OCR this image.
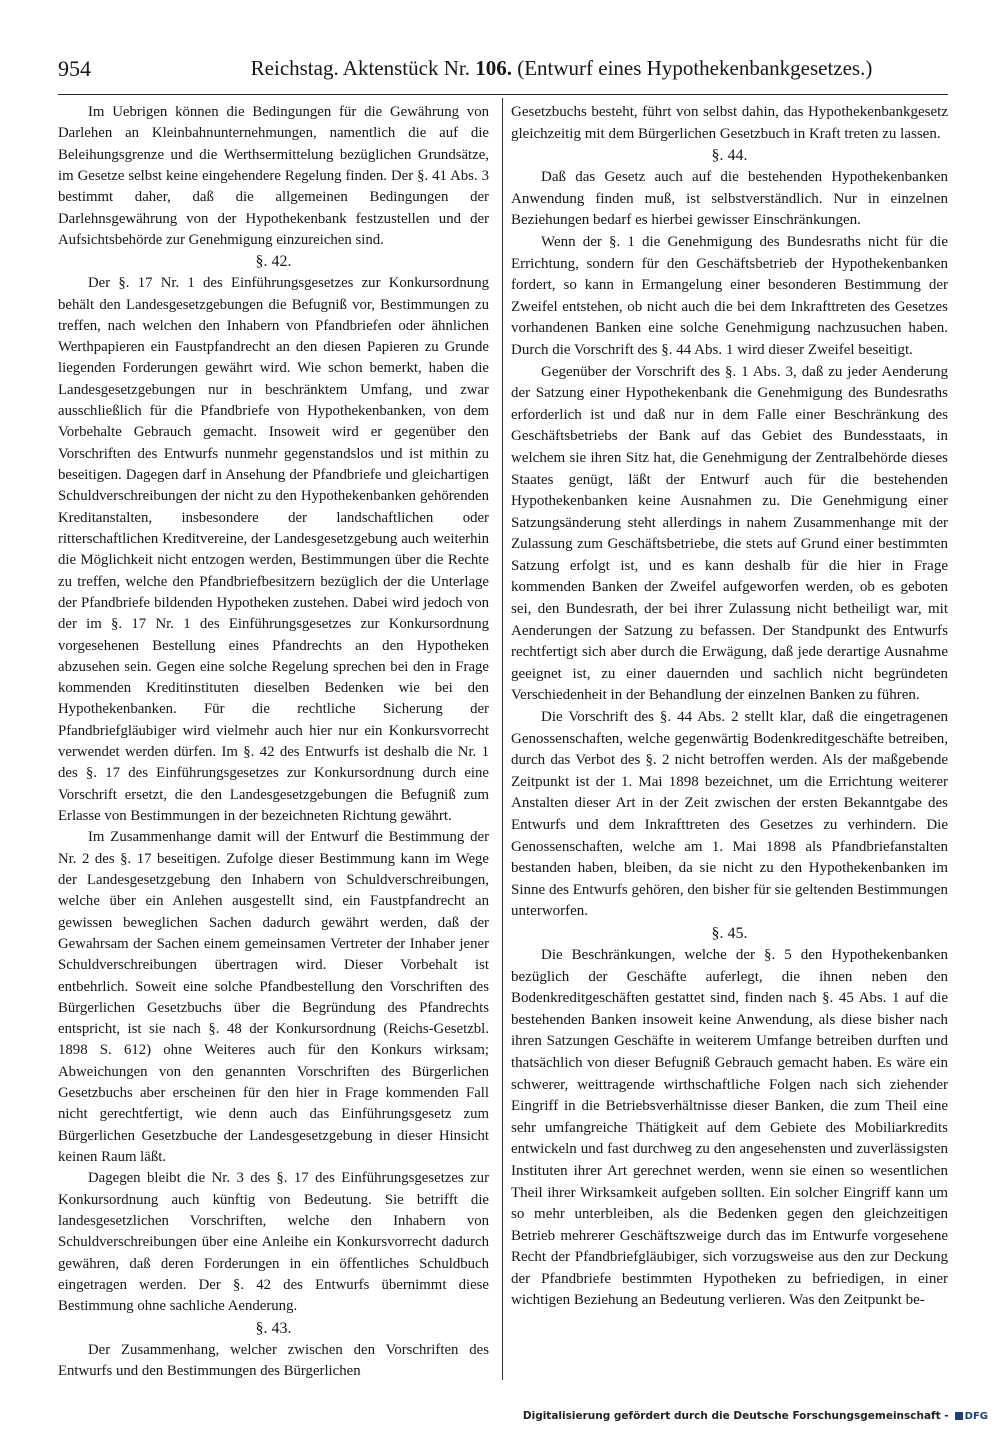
954	Reichstag. Aktenstück Nr. 106. (Entwurf eines Hypothekenbankgesetzes.)

Im Uebrigen können die Bedingungen für die Gewährung von Darlehen an Kleinbahnunternehmungen, namentlich die auf die Beleihungsgrenze und die Werthsermittelung bezüglichen Grundsätze, im Gesetze selbst keine eingehendere Regelung finden. Der §. 41 Abs. 3 bestimmt daher, daß die allgemeinen Bedingungen der Darlehnsgewährung von der Hypothekenbank festzustellen und der Aufsichtsbehörde zur Genehmigung einzureichen sind.

§. 42.

Der §. 17 Nr. 1 des Einführungsgesetzes zur Konkursordnung behält den Landesgesetzgebungen die Befugniß vor, Bestimmungen zu treffen, nach welchen den Inhabern von Pfandbriefen oder ähnlichen Werthpapieren ein Faustpfandrecht an den diesen Papieren zu Grunde liegenden Forderungen gewährt wird. Wie schon bemerkt, haben die Landesgesetzgebungen nur in beschränktem Umfang, und zwar ausschließlich für die Pfandbriefe von Hypothekenbanken, von dem Vorbehalte Gebrauch gemacht. Insoweit wird er gegenüber den Vorschriften des Entwurfs nunmehr gegenstandslos und ist mithin zu beseitigen. Dagegen darf in Ansehung der Pfandbriefe und gleichartigen Schuldverschreibungen der nicht zu den Hypothekenbanken gehörenden Kreditanstalten, insbesondere der landschaftlichen oder ritterschaftlichen Kreditvereine, der Landesgesetzgebung auch weiterhin die Möglichkeit nicht entzogen werden, Bestimmungen über die Rechte zu treffen, welche den Pfandbriefbesitzern bezüglich der die Unterlage der Pfandbriefe bildenden Hypotheken zustehen. Dabei wird jedoch von der im §. 17 Nr. 1 des Einführungsgesetzes zur Konkursordnung vorgesehenen Bestellung eines Pfandrechts an den Hypotheken abzusehen sein. Gegen eine solche Regelung sprechen bei den in Frage kommenden Kreditinstituten dieselben Bedenken wie bei den Hypothekenbanken. Für die rechtliche Sicherung der Pfandbriefgläubiger wird vielmehr auch hier nur ein Konkursvorrecht verwendet werden dürfen. Im §. 42 des Entwurfs ist deshalb die Nr. 1 des §. 17 des Einführungsgesetzes zur Konkursordnung durch eine Vorschrift ersetzt, die den Landesgesetzgebungen die Befugniß zum Erlasse von Bestimmungen in der bezeichneten Richtung gewährt.

Im Zusammenhange damit will der Entwurf die Bestimmung der Nr. 2 des §. 17 beseitigen. Zufolge dieser Bestimmung kann im Wege der Landesgesetzgebung den Inhabern von Schuldverschreibungen, welche über ein Anlehen ausgestellt sind, ein Faustpfandrecht an gewissen beweglichen Sachen dadurch gewährt werden, daß der Gewahrsam der Sachen einem gemeinsamen Vertreter der Inhaber jener Schuldverschreibungen übertragen wird. Dieser Vorbehalt ist entbehrlich. Soweit eine solche Pfandbestellung den Vorschriften des Bürgerlichen Gesetzbuchs über die Begründung des Pfandrechts entspricht, ist sie nach §. 48 der Konkursordnung (Reichs-Gesetzbl. 1898 S. 612) ohne Weiteres auch für den Konkurs wirksam; Abweichungen von den genannten Vorschriften des Bürgerlichen Gesetzbuchs aber erscheinen für den hier in Frage kommenden Fall nicht gerechtfertigt, wie denn auch das Einführungsgesetz zum Bürgerlichen Gesetzbuche der Landesgesetzgebung in dieser Hinsicht keinen Raum läßt.

Dagegen bleibt die Nr. 3 des §. 17 des Einführungsgesetzes zur Konkursordnung auch künftig von Bedeutung. Sie betrifft die landesgesetzlichen Vorschriften, welche den Inhabern von Schuldverschreibungen über eine Anleihe ein Konkursvorrecht dadurch gewähren, daß deren Forderungen in ein öffentliches Schuldbuch eingetragen werden. Der §. 42 des Entwurfs übernimmt diese Bestimmung ohne sachliche Aenderung.

§. 43.

Der Zusammenhang, welcher zwischen den Vorschriften des Entwurfs und den Bestimmungen des Bürgerlichen

Gesetzbuchs besteht, führt von selbst dahin, das Hypothekenbankgesetz gleichzeitig mit dem Bürgerlichen Gesetzbuch in Kraft treten zu lassen.

§. 44.

Daß das Gesetz auch auf die bestehenden Hypothekenbanken Anwendung finden muß, ist selbstverständlich. Nur in einzelnen Beziehungen bedarf es hierbei gewisser Einschränkungen.

Wenn der §. 1 die Genehmigung des Bundesraths nicht für die Errichtung, sondern für den Geschäftsbetrieb der Hypothekenbanken fordert, so kann in Ermangelung einer besonderen Bestimmung der Zweifel entstehen, ob nicht auch die bei dem Inkrafttreten des Gesetzes vorhandenen Banken eine solche Genehmigung nachzusuchen haben. Durch die Vorschrift des §. 44 Abs. 1 wird dieser Zweifel beseitigt.

Gegenüber der Vorschrift des §. 1 Abs. 3, daß zu jeder Aenderung der Satzung einer Hypothekenbank die Genehmigung des Bundesraths erforderlich ist und daß nur in dem Falle einer Beschränkung des Geschäftsbetriebs der Bank auf das Gebiet des Bundesstaats, in welchem sie ihren Sitz hat, die Genehmigung der Zentralbehörde dieses Staates genügt, läßt der Entwurf auch für die bestehenden Hypothekenbanken keine Ausnahmen zu. Die Genehmigung einer Satzungsänderung steht allerdings in nahem Zusammenhange mit der Zulassung zum Geschäftsbetriebe, die stets auf Grund einer bestimmten Satzung erfolgt ist, und es kann deshalb für die hier in Frage kommenden Banken der Zweifel aufgeworfen werden, ob es geboten sei, den Bundesrath, der bei ihrer Zulassung nicht betheiligt war, mit Aenderungen der Satzung zu befassen. Der Standpunkt des Entwurfs rechtfertigt sich aber durch die Erwägung, daß jede derartige Ausnahme geeignet ist, zu einer dauernden und sachlich nicht begründeten Verschiedenheit in der Behandlung der einzelnen Banken zu führen.

Die Vorschrift des §. 44 Abs. 2 stellt klar, daß die eingetragenen Genossenschaften, welche gegenwärtig Bodenkreditgeschäfte betreiben, durch das Verbot des §. 2 nicht betroffen werden. Als der maßgebende Zeitpunkt ist der 1. Mai 1898 bezeichnet, um die Errichtung weiterer Anstalten dieser Art in der Zeit zwischen der ersten Bekanntgabe des Entwurfs und dem Inkrafttreten des Gesetzes zu verhindern. Die Genossenschaften, welche am 1. Mai 1898 als Pfandbriefanstalten bestanden haben, bleiben, da sie nicht zu den Hypothekenbanken im Sinne des Entwurfs gehören, den bisher für sie geltenden Bestimmungen unterworfen.

§. 45.

Die Beschränkungen, welche der §. 5 den Hypothekenbanken bezüglich der Geschäfte auferlegt, die ihnen neben den Bodenkreditgeschäften gestattet sind, finden nach §. 45 Abs. 1 auf die bestehenden Banken insoweit keine Anwendung, als diese bisher nach ihren Satzungen Geschäfte in weiterem Umfange betreiben durften und thatsächlich von dieser Befugniß Gebrauch gemacht haben. Es wäre ein schwerer, weittragende wirthschaftliche Folgen nach sich ziehender Eingriff in die Betriebsverhältnisse dieser Banken, die zum Theil eine sehr umfangreiche Thätigkeit auf dem Gebiete des Mobiliarkredits entwickeln und fast durchweg zu den angesehensten und zuverlässigsten Instituten ihrer Art gerechnet werden, wenn sie einen so wesentlichen Theil ihrer Wirksamkeit aufgeben sollten. Ein solcher Eingriff kann um so mehr unterbleiben, als die Bedenken gegen den gleichzeitigen Betrieb mehrerer Geschäftszweige durch das im Entwurfe vorgesehene Recht der Pfandbriefgläubiger, sich vorzugsweise aus den zur Deckung der Pfandbriefe bestimmten Hypotheken zu befriedigen, in einer wichtigen Beziehung an Bedeutung verlieren. Was den Zeitpunkt be-

Digitalisierung gefördert durch die Deutsche Forschungsgemeinschaft - DFG
